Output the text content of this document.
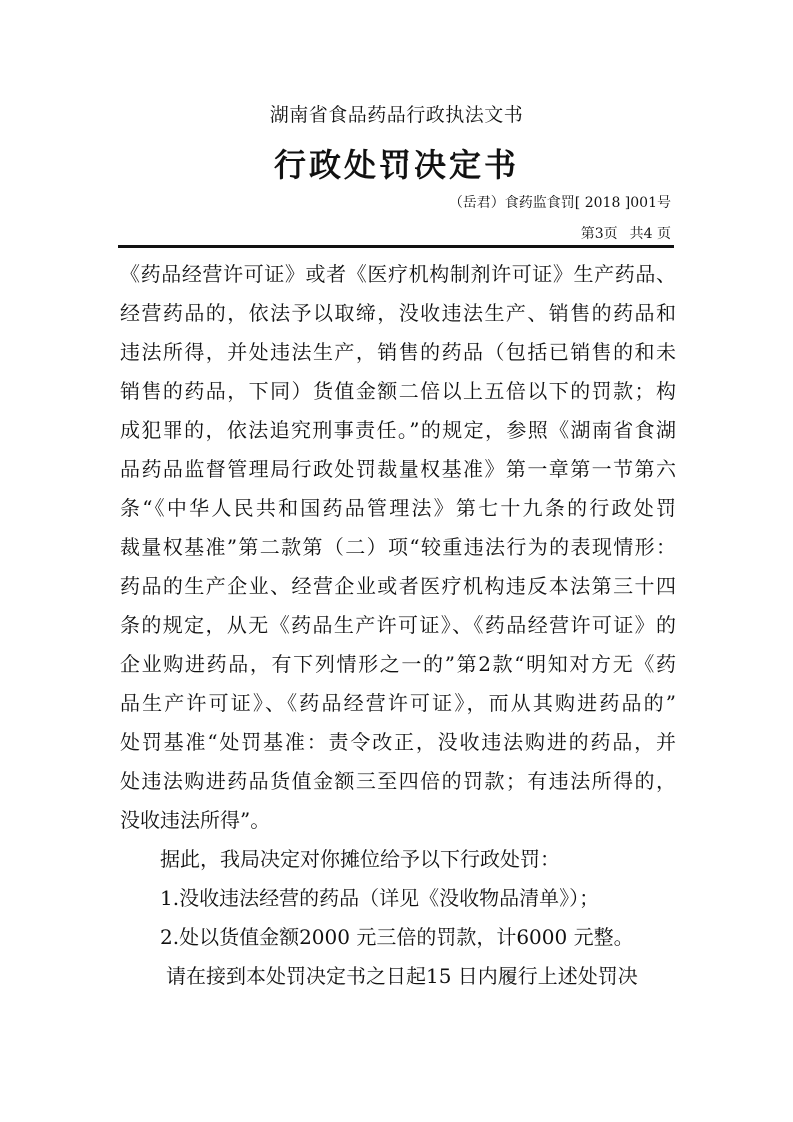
湖南省食品药品行政执法文书
行政处罚决定书
（岳君）食药监食罚[ 2018 ]001号
第3页 共4 页
《药品经营许可证》或者《医疗机构制剂许可证》生产药品、
经营药品的，依法予以取缔，没收违法生产、销售的药品和
违法所得，并处违法生产，销售的药品（包括已销售的和未
销售的药品，下同）货值金额二倍以上五倍以下的罚款；构
成犯罪的，依法追究刑事责任。”的规定，参照《湖南省食湖
品药品监督管理局行政处罚裁量权基准》第一章第一节第六
条“《中华人民共和国药品管理法》第七十九条的行政处罚
裁量权基准”第二款第（二）项“较重违法行为的表现情形：
药品的生产企业、经营企业或者医疗机构违反本法第三十四
条的规定，从无《药品生产许可证》、《药品经营许可证》的
企业购进药品，有下列情形之一的”第2款“明知对方无《药
品生产许可证》、《药品经营许可证》，而从其购进药品的”
处罚基准“处罚基准：责令改正，没收违法购进的药品，并
处违法购进药品货值金额三至四倍的罚款；有违法所得的，
没收违法所得”。
据此，我局决定对你摊位给予以下行政处罚：
1.没收违法经营的药品（详见《没收物品清单》）；
2.处以货值金额2000 元三倍的罚款，计6000 元整。
请在接到本处罚决定书之日起15 日内履行上述处罚决
